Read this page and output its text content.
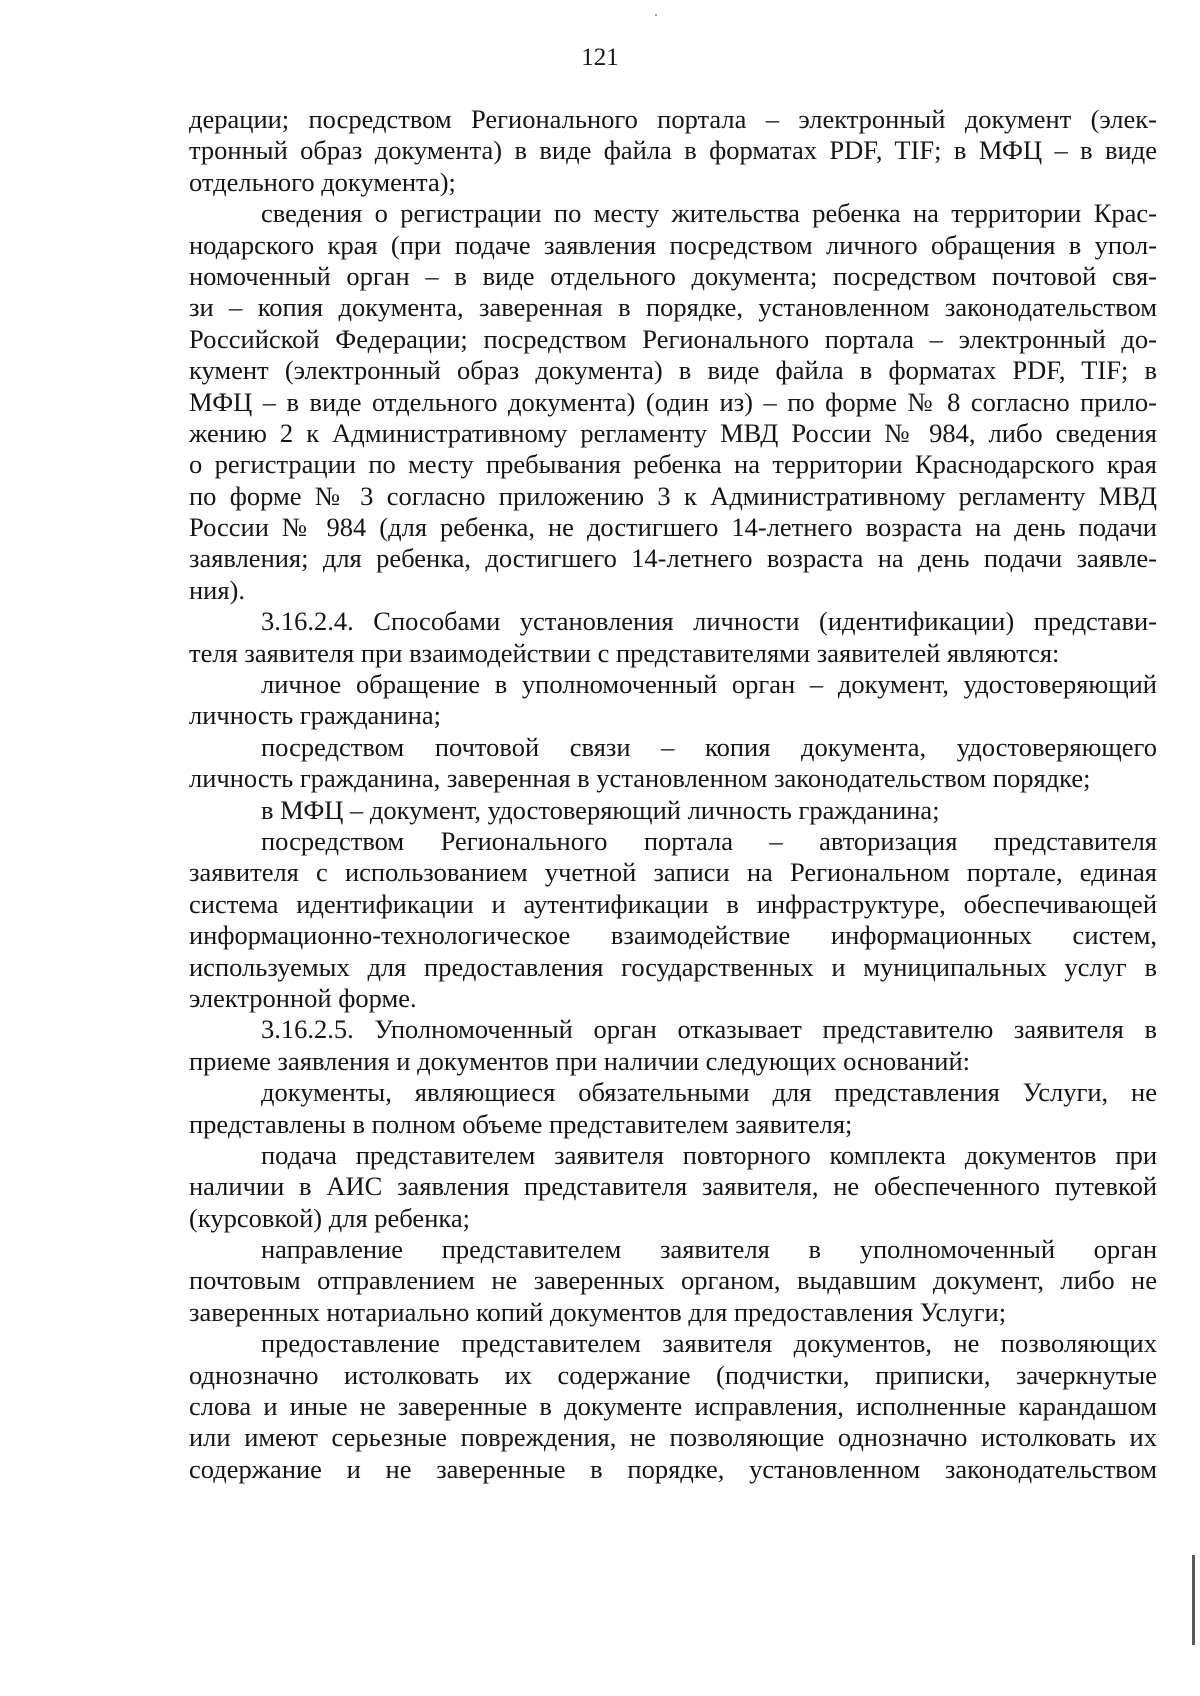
121
дерации; посредством Регионального портала – электронный документ (элек-
тронный образ документа) в виде файла в форматах PDF, TIF; в МФЦ – в виде
отдельного документа);
сведения о регистрации по месту жительства ребенка на территории Крас-
нодарского края (при подаче заявления посредством личного обращения в упол-
номоченный орган – в виде отдельного документа; посредством почтовой свя-
зи – копия документа, заверенная в порядке, установленном законодательством
Российской Федерации; посредством Регионального портала – электронный до-
кумент (электронный образ документа) в виде файла в форматах PDF, TIF; в
МФЦ – в виде отдельного документа) (один из) – по форме № 8 согласно прило-
жению 2 к Административному регламенту МВД России № 984, либо сведения
о регистрации по месту пребывания ребенка на территории Краснодарского края
по форме № 3 согласно приложению 3 к Административному регламенту МВД
России № 984 (для ребенка, не достигшего 14-летнего возраста на день подачи
заявления; для ребенка, достигшего 14-летнего возраста на день подачи заявле-
ния).
3.16.2.4. Способами установления личности (идентификации) представи-
теля заявителя при взаимодействии с представителями заявителей являются:
личное обращение в уполномоченный орган – документ, удостоверяющий
личность гражданина;
посредством почтовой связи – копия документа, удостоверяющего
личность гражданина, заверенная в установленном законодательством порядке;
в МФЦ – документ, удостоверяющий личность гражданина;
посредством Регионального портала – авторизация представителя
заявителя с использованием учетной записи на Региональном портале, единая
система идентификации и аутентификации в инфраструктуре, обеспечивающей
информационно-технологическое взаимодействие информационных систем,
используемых для предоставления государственных и муниципальных услуг в
электронной форме.
3.16.2.5. Уполномоченный орган отказывает представителю заявителя в
приеме заявления и документов при наличии следующих оснований:
документы, являющиеся обязательными для представления Услуги, не
представлены в полном объеме представителем заявителя;
подача представителем заявителя повторного комплекта документов при
наличии в АИС заявления представителя заявителя, не обеспеченного путевкой
(курсовкой) для ребенка;
направление представителем заявителя в уполномоченный орган
почтовым отправлением не заверенных органом, выдавшим документ, либо не
заверенных нотариально копий документов для предоставления Услуги;
предоставление представителем заявителя документов, не позволяющих
однозначно истолковать их содержание (подчистки, приписки, зачеркнутые
слова и иные не заверенные в документе исправления, исполненные карандашом
или имеют серьезные повреждения, не позволяющие однозначно истолковать их
содержание и не заверенные в порядке, установленном законодательством
